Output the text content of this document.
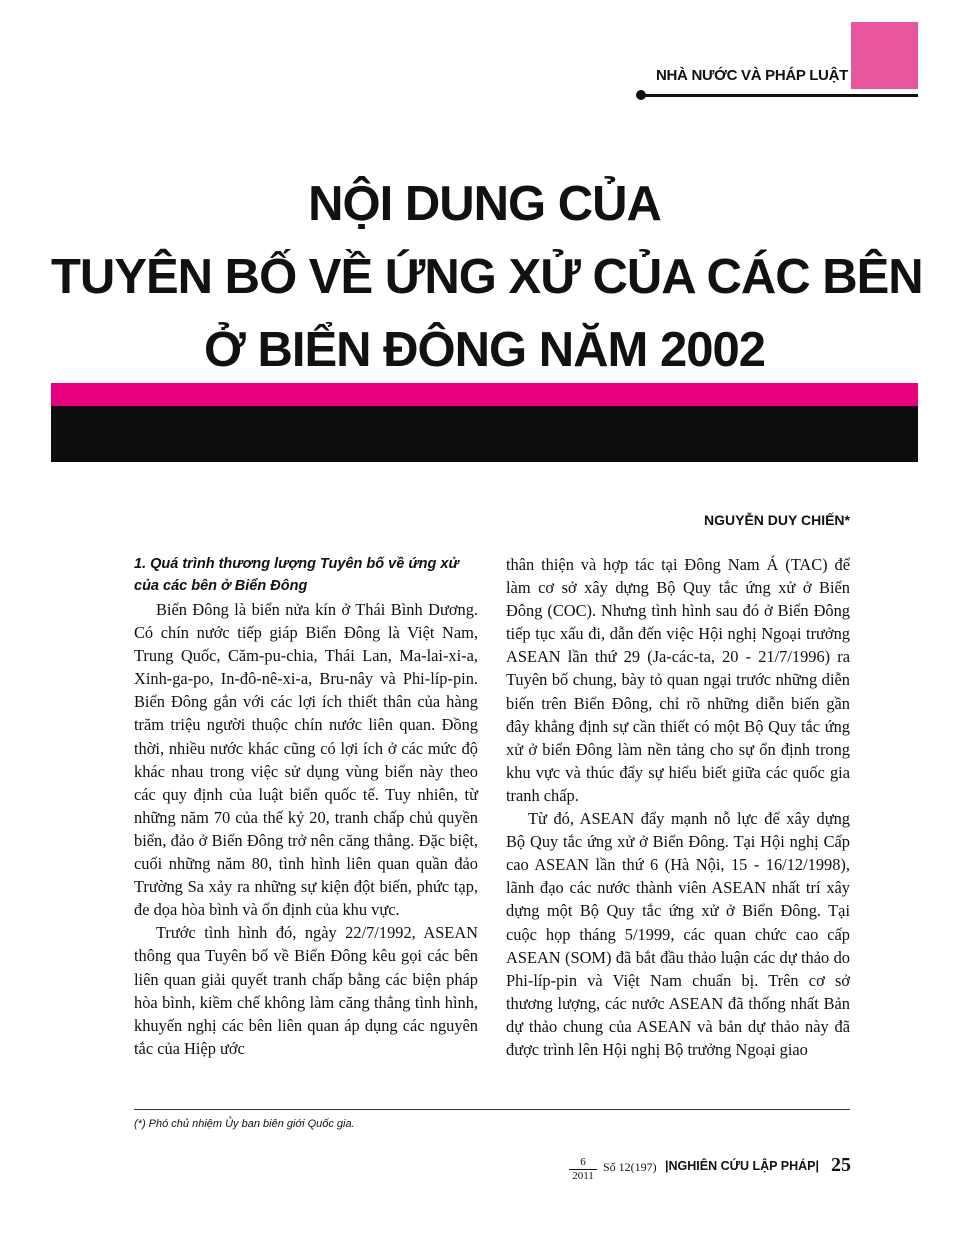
NHÀ NƯỚC VÀ PHÁP LUẬT
NỘI DUNG CỦA
TUYÊN BỐ VỀ ỨNG XỬ CỦA CÁC BÊN
Ở BIỂN ĐÔNG NĂM 2002
NGUYỄN DUY CHIẾN*
1. Quá trình thương lượng Tuyên bố về ứng xử của các bên ở Biển Đông

Biển Đông là biển nửa kín ở Thái Bình Dương. Có chín nước tiếp giáp Biển Đông là Việt Nam, Trung Quốc, Căm-pu-chia, Thái Lan, Ma-lai-xi-a, Xinh-ga-po, In-đô-nê-xi-a, Bru-nây và Phi-líp-pin. Biển Đông gắn với các lợi ích thiết thân của hàng trăm triệu người thuộc chín nước liên quan. Đồng thời, nhiều nước khác cũng có lợi ích ở các mức độ khác nhau trong việc sử dụng vùng biển này theo các quy định của luật biển quốc tế. Tuy nhiên, từ những năm 70 của thế kỷ 20, tranh chấp chủ quyền biển, đảo ở Biển Đông trở nên căng thẳng. Đặc biệt, cuối những năm 80, tình hình liên quan quần đảo Trường Sa xảy ra những sự kiện đột biến, phức tạp, đe dọa hòa bình và ổn định của khu vực.

Trước tình hình đó, ngày 22/7/1992, ASEAN thông qua Tuyên bố về Biển Đông kêu gọi các bên liên quan giải quyết tranh chấp bằng các biện pháp hòa bình, kiềm chế không làm căng thẳng tình hình, khuyến nghị các bên liên quan áp dụng các nguyên tắc của Hiệp ước

thân thiện và hợp tác tại Đông Nam Á (TAC) để làm cơ sở xây dựng Bộ Quy tắc ứng xử ở Biển Đông (COC). Nhưng tình hình sau đó ở Biển Đông tiếp tục xấu đi, dẫn đến việc Hội nghị Ngoại trưởng ASEAN lần thứ 29 (Ja-các-ta, 20 - 21/7/1996) ra Tuyên bố chung, bày tỏ quan ngại trước những diễn biến trên Biển Đông, chỉ rõ những diễn biến gần đây khẳng định sự cần thiết có một Bộ Quy tắc ứng xử ở biển Đông làm nền tảng cho sự ổn định trong khu vực và thúc đẩy sự hiểu biết giữa các quốc gia tranh chấp.

Từ đó, ASEAN đẩy mạnh nỗ lực để xây dựng Bộ Quy tắc ứng xử ở Biển Đông. Tại Hội nghị Cấp cao ASEAN lần thứ 6 (Hà Nội, 15 - 16/12/1998), lãnh đạo các nước thành viên ASEAN nhất trí xây dựng một Bộ Quy tắc ứng xử ở Biển Đông. Tại cuộc họp tháng 5/1999, các quan chức cao cấp ASEAN (SOM) đã bắt đầu thảo luận các dự thảo do Phi-líp-pin và Việt Nam chuẩn bị. Trên cơ sở thương lượng, các nước ASEAN đã thống nhất Bản dự thảo chung của ASEAN và bản dự thảo này đã được trình lên Hội nghị Bộ trưởng Ngoại giao

(*) Phó chủ nhiệm Ủy ban biên giới Quốc gia.
$\frac{6}{2011}$ Số 12(197) |NGHIÊN CỨU LẬP PHÁP| 25
